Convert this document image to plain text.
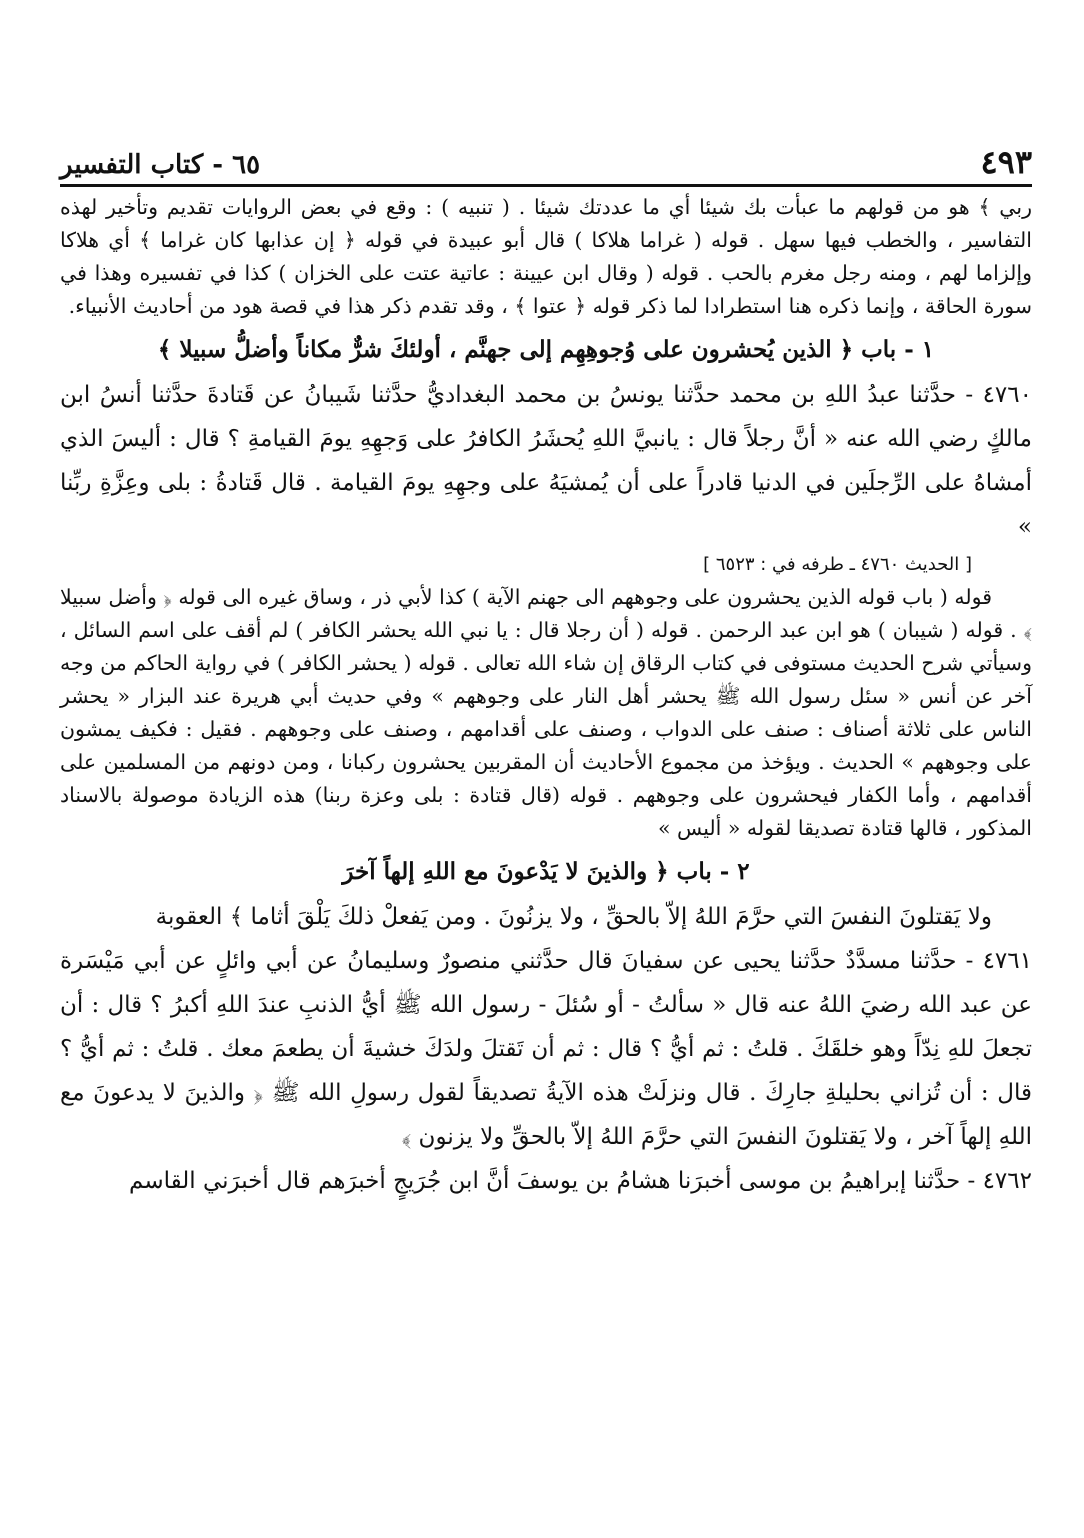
٤٩٣
٦٥ - كتاب التفسير

ربي ﴾ هو من قولهم ما عبأت بك شيئا أي ما عددتك شيئا . ( تنبيه ) : وقع في بعض الروايات تقديم وتأخير لهذه التفاسير ، والخطب فيها سهل . قوله ( غراما هلاكا ) قال أبو عبيدة في قوله ﴿ إن عذابها كان غراما ﴾ أي هلاكا وإلزاما لهم ، ومنه رجل مغرم بالحب . قوله ( وقال ابن عيينة : عاتية عتت على الخزان ) كذا في تفسيره وهذا في سورة الحاقة ، وإنما ذكره هنا استطرادا لما ذكر قوله ﴿ عتوا ﴾ ، وقد تقدم ذكر هذا في قصة هود من أحاديث الأنبياء.

١ - باب ﴿ الذين يُحشرون على وُجوهِهِم إلى جهنَّم ، أولئكَ شرٌّ مكاناً وأضلُّ سبيلا ﴾

٤٧٦٠ - حدَّثنا عبدُ اللهِ بن محمد حدَّثنا يونسُ بن محمد البغداديُّ حدَّثنا شَيبانُ عن قَتادةَ حدَّثنا أنسُ ابن مالكٍ رضي الله عنه « أنَّ رجلاً قال : يانبيَّ اللهِ يُحشَرُ الكافرُ على وَجهِهِ يومَ القيامةِ ؟ قال : أليسَ الذي أمشاهُ على الرِّجلَين في الدنيا قادراً على أن يُمشيَهُ على وجهِهِ يومَ القيامة . قال قَتادةُ : بلى وعِزَّةِ ربِّنا »

[ الحديث ٤٧٦٠ ـ طرفه في : ٦٥٢٣ ]

قوله ( باب قوله الذين يحشرون على وجوههم الى جهنم الآية ) كذا لأبي ذر ، وساق غيره الى قوله ﴿ وأضل سبيلا ﴾ . قوله ( شيبان ) هو ابن عبد الرحمن . قوله ( أن رجلا قال : يا نبي الله يحشر الكافر ) لم أقف على اسم السائل ، وسيأتي شرح الحديث مستوفى في كتاب الرقاق إن شاء الله تعالى . قوله ( يحشر الكافر ) في رواية الحاكم من وجه آخر عن أنس « سئل رسول الله ﷺ يحشر أهل النار على وجوههم » وفي حديث أبي هريرة عند البزار « يحشر الناس على ثلاثة أصناف : صنف على الدواب ، وصنف على أقدامهم ، وصنف على وجوههم . فقيل : فكيف يمشون على وجوههم » الحديث . ويؤخذ من مجموع الأحاديث أن المقربين يحشرون ركبانا ، ومن دونهم من المسلمين على أقدامهم ، وأما الكفار فيحشرون على وجوههم . قوله (قال قتادة : بلى وعزة ربنا) هذه الزيادة موصولة بالاسناد المذكور ، قالها قتادة تصديقا لقوله « أليس »

٢ - باب ﴿ والذينَ لا يَدْعونَ مع اللهِ إلهاً آخرَ

ولا يَقتلونَ النفسَ التي حرَّمَ اللهُ إلاّ بالحقِّ ، ولا يزنُونَ . ومن يَفعلْ ذلكَ يَلْقَ أثاما ﴾ العقوبة

٤٧٦١ - حدَّثنا مسدَّدٌ حدَّثنا يحيى عن سفيانَ قال حدَّثني منصورٌ وسليمانُ عن أبي وائلٍ عن أبي مَيْسَرة عن عبد الله رضيَ اللهُ عنه قال « سألتُ - أو سُئلَ - رسول الله ﷺ أيُّ الذنبِ عندَ اللهِ أكبرُ ؟ قال : أن تجعلَ للهِ نِدّاً وهو خلقَكَ . قلتُ : ثم أيُّ ؟ قال : ثم أن تَقتلَ ولدَكَ خشيةَ أن يطعمَ معك . قلتُ : ثم أيُّ ؟ قال : أن تُزاني بحليلةِ جارِكَ . قال ونزلَتْ هذه الآيةُ تصديقاً لقول رسولِ الله ﷺ ﴿ والذينَ لا يدعونَ مع اللهِ إلهاً آخر ، ولا يَقتلونَ النفسَ التي حرَّمَ اللهُ إلاّ بالحقِّ ولا يزنون ﴾

٤٧٦٢ - حدَّثنا إبراهيمُ بن موسى أخبرَنا هشامُ بن يوسفَ أنَّ ابن جُرَيجٍ أخبرَهم قال أخبرَني القاسم
